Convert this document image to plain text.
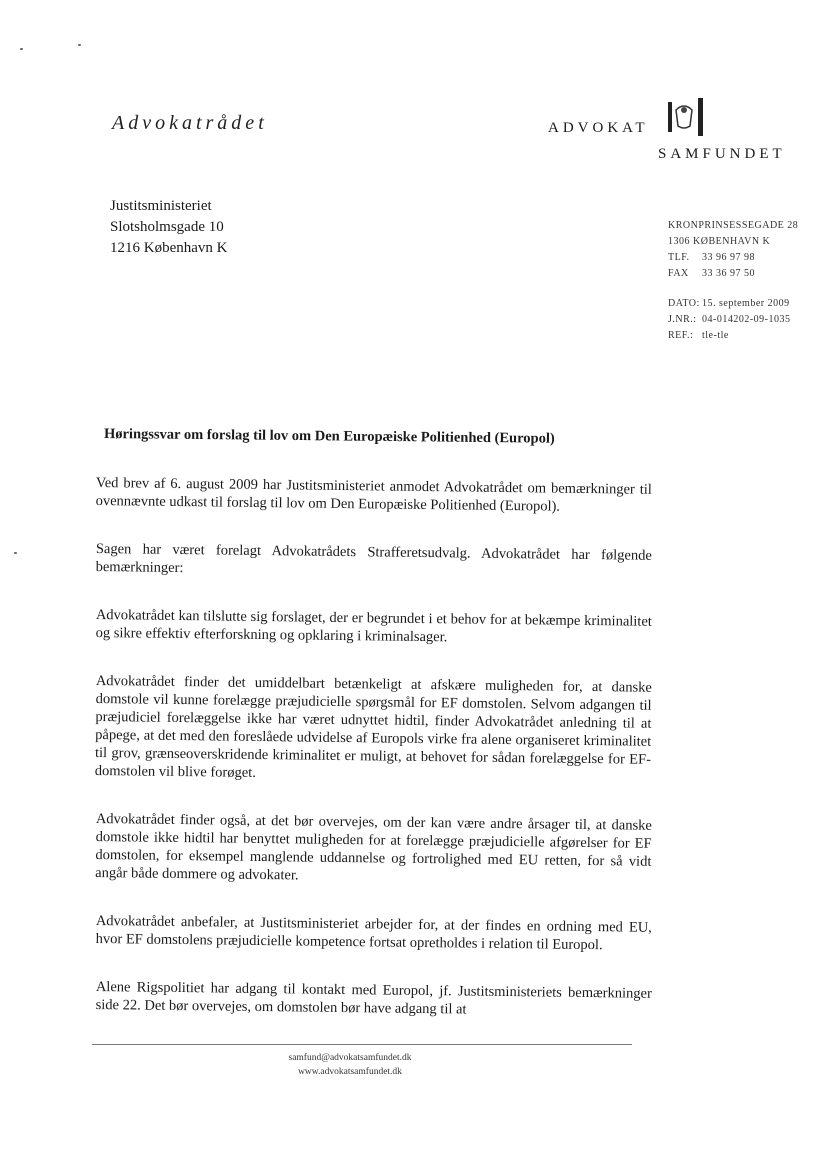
Advokatrådet	ADVOKAT
SAMFUNDET
Justitsministeriet
Slotsholmsgade 10
1216 København K
KRONPRINSESSEGADE 28
1306 KØBENHAVN K
TLF. 33 96 97 98
FAX 33 36 97 50
DATO: 15. september 2009
J.NR.: 04-014202-09-1035
REF.: tle-tle
Høringssvar om forslag til lov om Den Europæiske Politienhed (Europol)

Ved brev af 6. august 2009 har Justitsministeriet anmodet Advokatrådet om bemærkninger til ovennævnte udkast til forslag til lov om Den Europæiske Politienhed (Europol).

Sagen har været forelagt Advokatrådets Strafferetsudvalg. Advokatrådet har følgende bemærkninger:

Advokatrådet kan tilslutte sig forslaget, der er begrundet i et behov for at bekæmpe kriminalitet og sikre effektiv efterforskning og opklaring i kriminalsager.

Advokatrådet finder det umiddelbart betænkeligt at afskære muligheden for, at danske domstole vil kunne forelægge præjudicielle spørgsmål for EF domstolen. Selvom adgangen til præjudiciel forelæggelse ikke har været udnyttet hidtil, finder Advokatrådet anledning til at påpege, at det med den foreslåede udvidelse af Europols virke fra alene organiseret kriminalitet til grov, grænseoverskridende kriminalitet er muligt, at behovet for sådan forelæggelse for EF-domstolen vil blive forøget.

Advokatrådet finder også, at det bør overvejes, om der kan være andre årsager til, at danske domstole ikke hidtil har benyttet muligheden for at forelægge præjudicielle afgørelser for EF domstolen, for eksempel manglende uddannelse og fortrolighed med EU retten, for så vidt angår både dommere og advokater.

Advokatrådet anbefaler, at Justitsministeriet arbejder for, at der findes en ordning med EU, hvor EF domstolens præjudicielle kompetence fortsat opretholdes i relation til Europol.

Alene Rigspolitiet har adgang til kontakt med Europol, jf. Justitsministeriets bemærkninger side 22. Det bør overvejes, om domstolen bør have adgang til at

samfund@advokatsamfundet.dk
www.advokatsamfundet.dk
